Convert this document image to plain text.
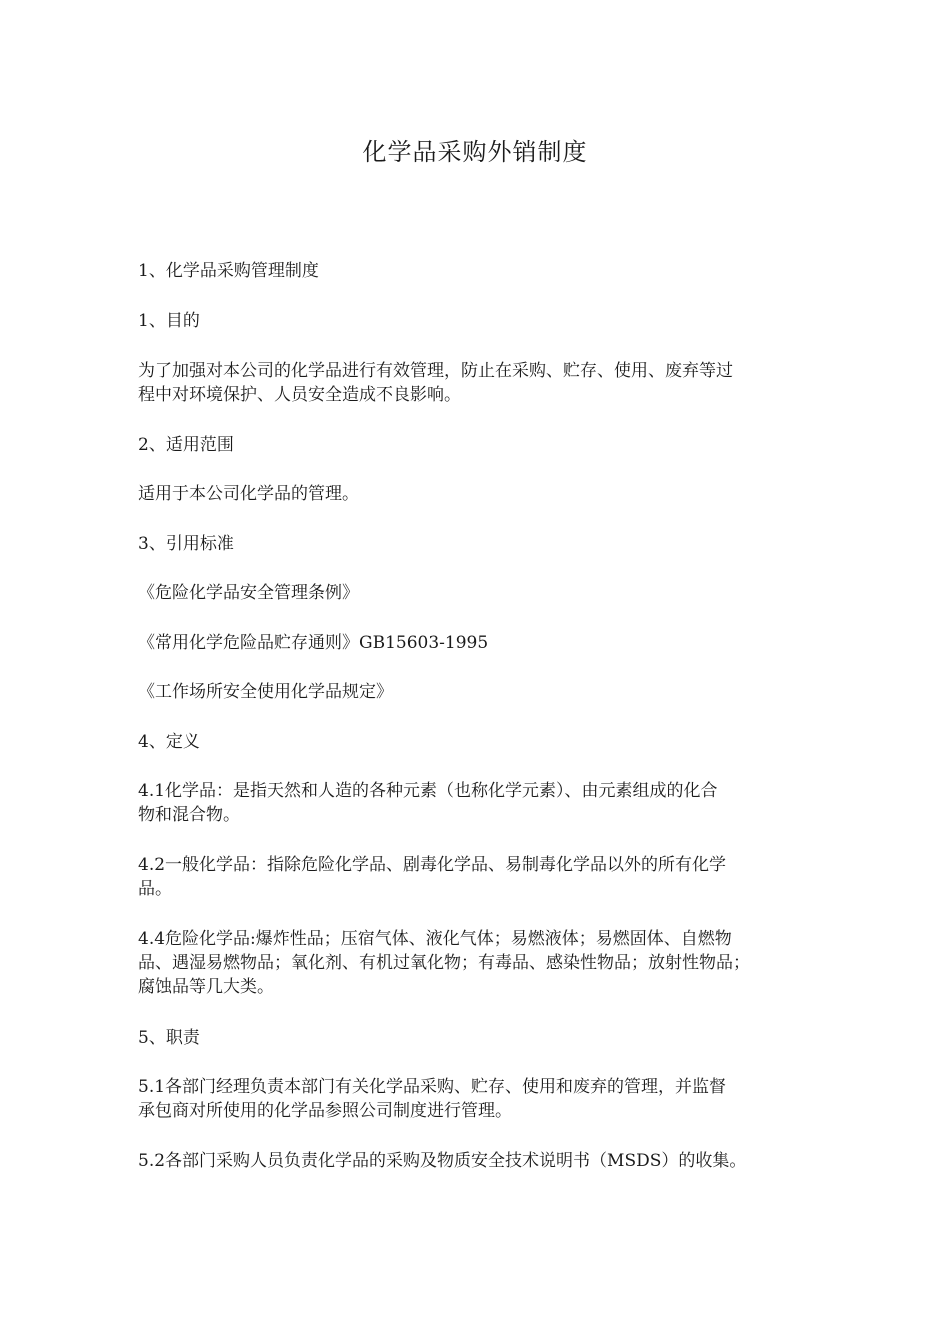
化学品采购外销制度

1、化学品采购管理制度

1、目的

为了加强对本公司的化学品进行有效管理，防止在采购、贮存、使用、废弃等过
程中对环境保护、人员安全造成不良影响。

2、适用范围

适用于本公司化学品的管理。

3、引用标准

《危险化学品安全管理条例》

《常用化学危险品贮存通则》GB15603-1995

《工作场所安全使用化学品规定》

4、定义

4.1化学品：是指天然和人造的各种元素（也称化学元素）、由元素组成的化合
物和混合物。

4.2一般化学品：指除危险化学品、剧毒化学品、易制毒化学品以外的所有化学
品。

4.4危险化学品:爆炸性品；压宿气体、液化气体；易燃液体；易燃固体、自燃物
品、遇湿易燃物品；氧化剂、有机过氧化物；有毒品、感染性物品；放射性物品；
腐蚀品等几大类。

5、职责

5.1各部门经理负责本部门有关化学品采购、贮存、使用和废弃的管理，并监督
承包商对所使用的化学品参照公司制度进行管理。

5.2各部门采购人员负责化学品的采购及物质安全技术说明书（MSDS）的收集。
